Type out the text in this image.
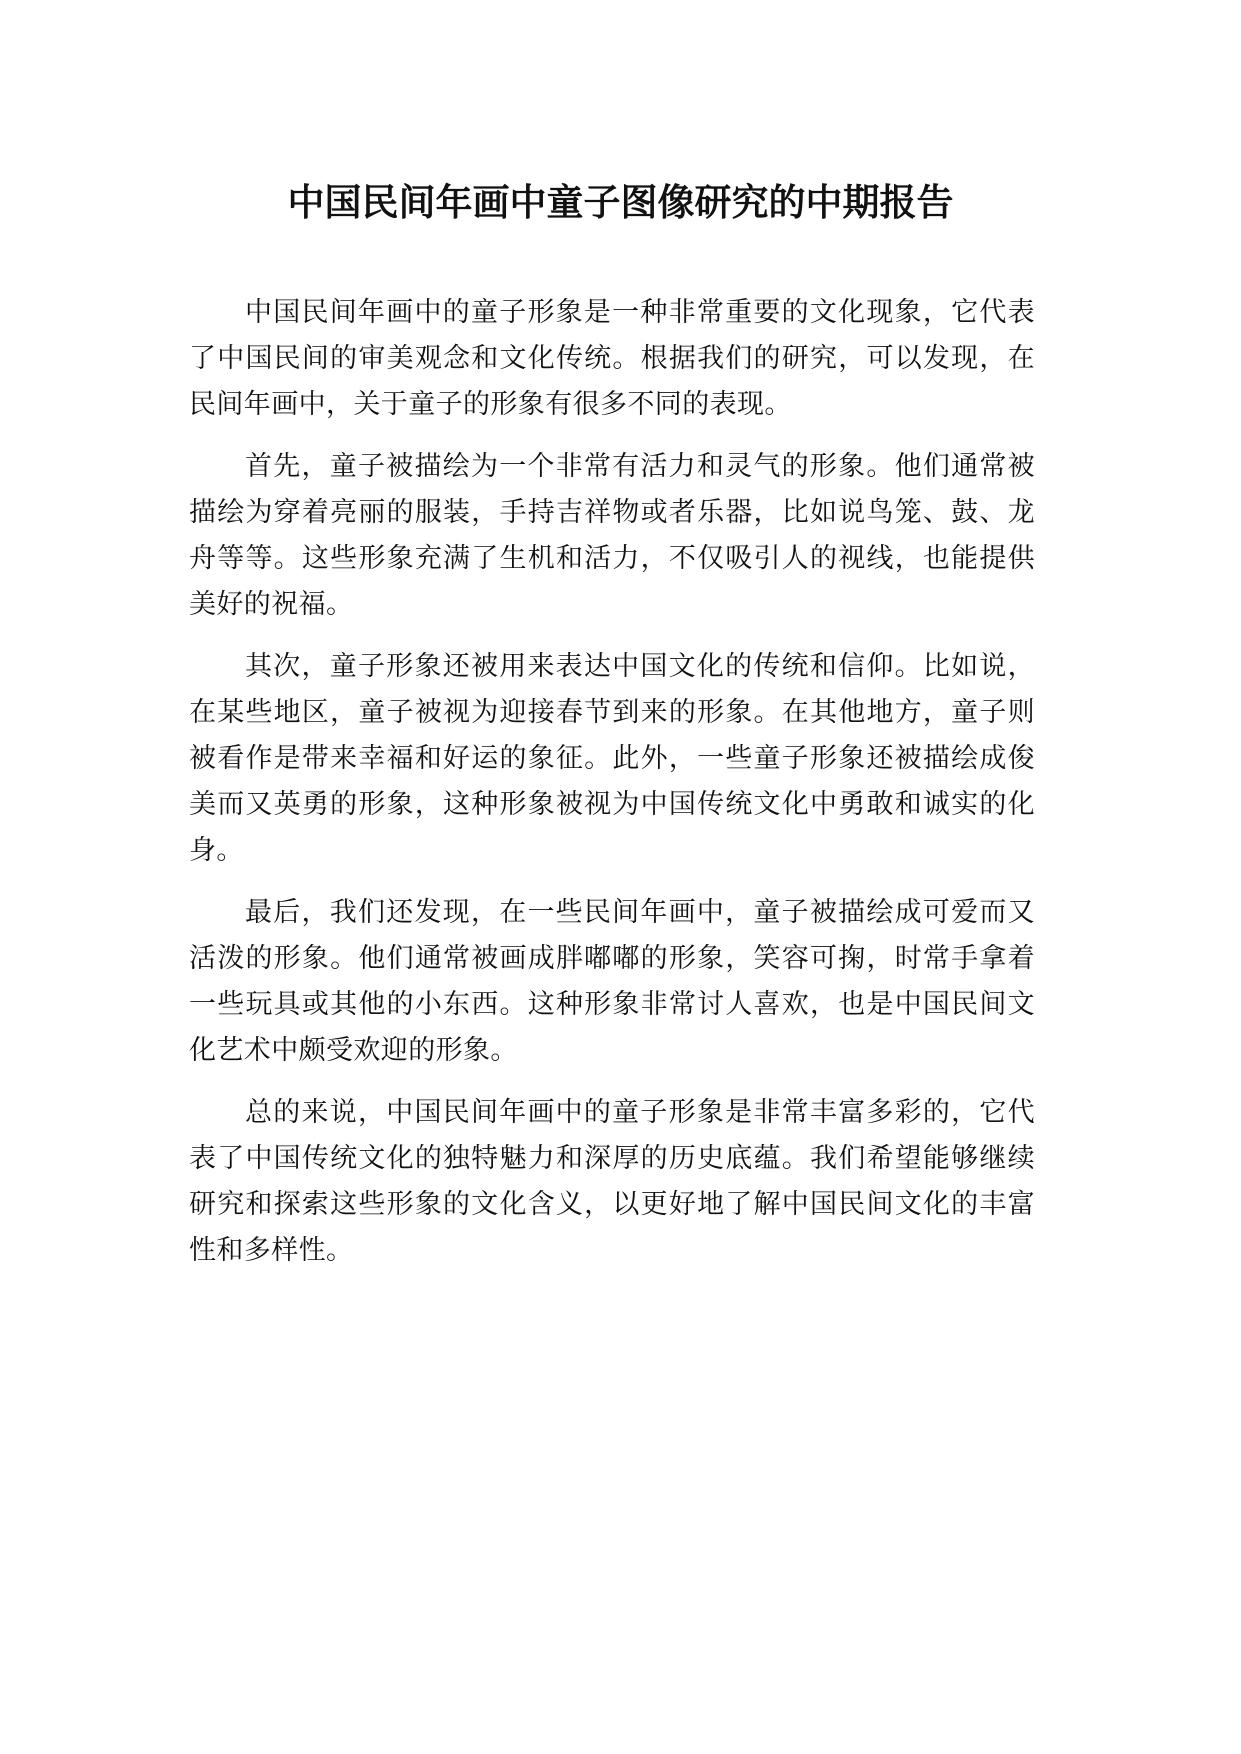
中国民间年画中童子图像研究的中期报告

中国民间年画中的童子形象是一种非常重要的文化现象，它代表了中国民间的审美观念和文化传统。根据我们的研究，可以发现，在民间年画中，关于童子的形象有很多不同的表现。

首先，童子被描绘为一个非常有活力和灵气的形象。他们通常被描绘为穿着亮丽的服装，手持吉祥物或者乐器，比如说鸟笼、鼓、龙舟等等。这些形象充满了生机和活力，不仅吸引人的视线，也能提供美好的祝福。

其次，童子形象还被用来表达中国文化的传统和信仰。比如说，在某些地区，童子被视为迎接春节到来的形象。在其他地方，童子则被看作是带来幸福和好运的象征。此外，一些童子形象还被描绘成俊美而又英勇的形象，这种形象被视为中国传统文化中勇敢和诚实的化身。

最后，我们还发现，在一些民间年画中，童子被描绘成可爱而又活泼的形象。他们通常被画成胖嘟嘟的形象，笑容可掬，时常手拿着一些玩具或其他的小东西。这种形象非常讨人喜欢，也是中国民间文化艺术中颇受欢迎的形象。

总的来说，中国民间年画中的童子形象是非常丰富多彩的，它代表了中国传统文化的独特魅力和深厚的历史底蕴。我们希望能够继续研究和探索这些形象的文化含义，以更好地了解中国民间文化的丰富性和多样性。
